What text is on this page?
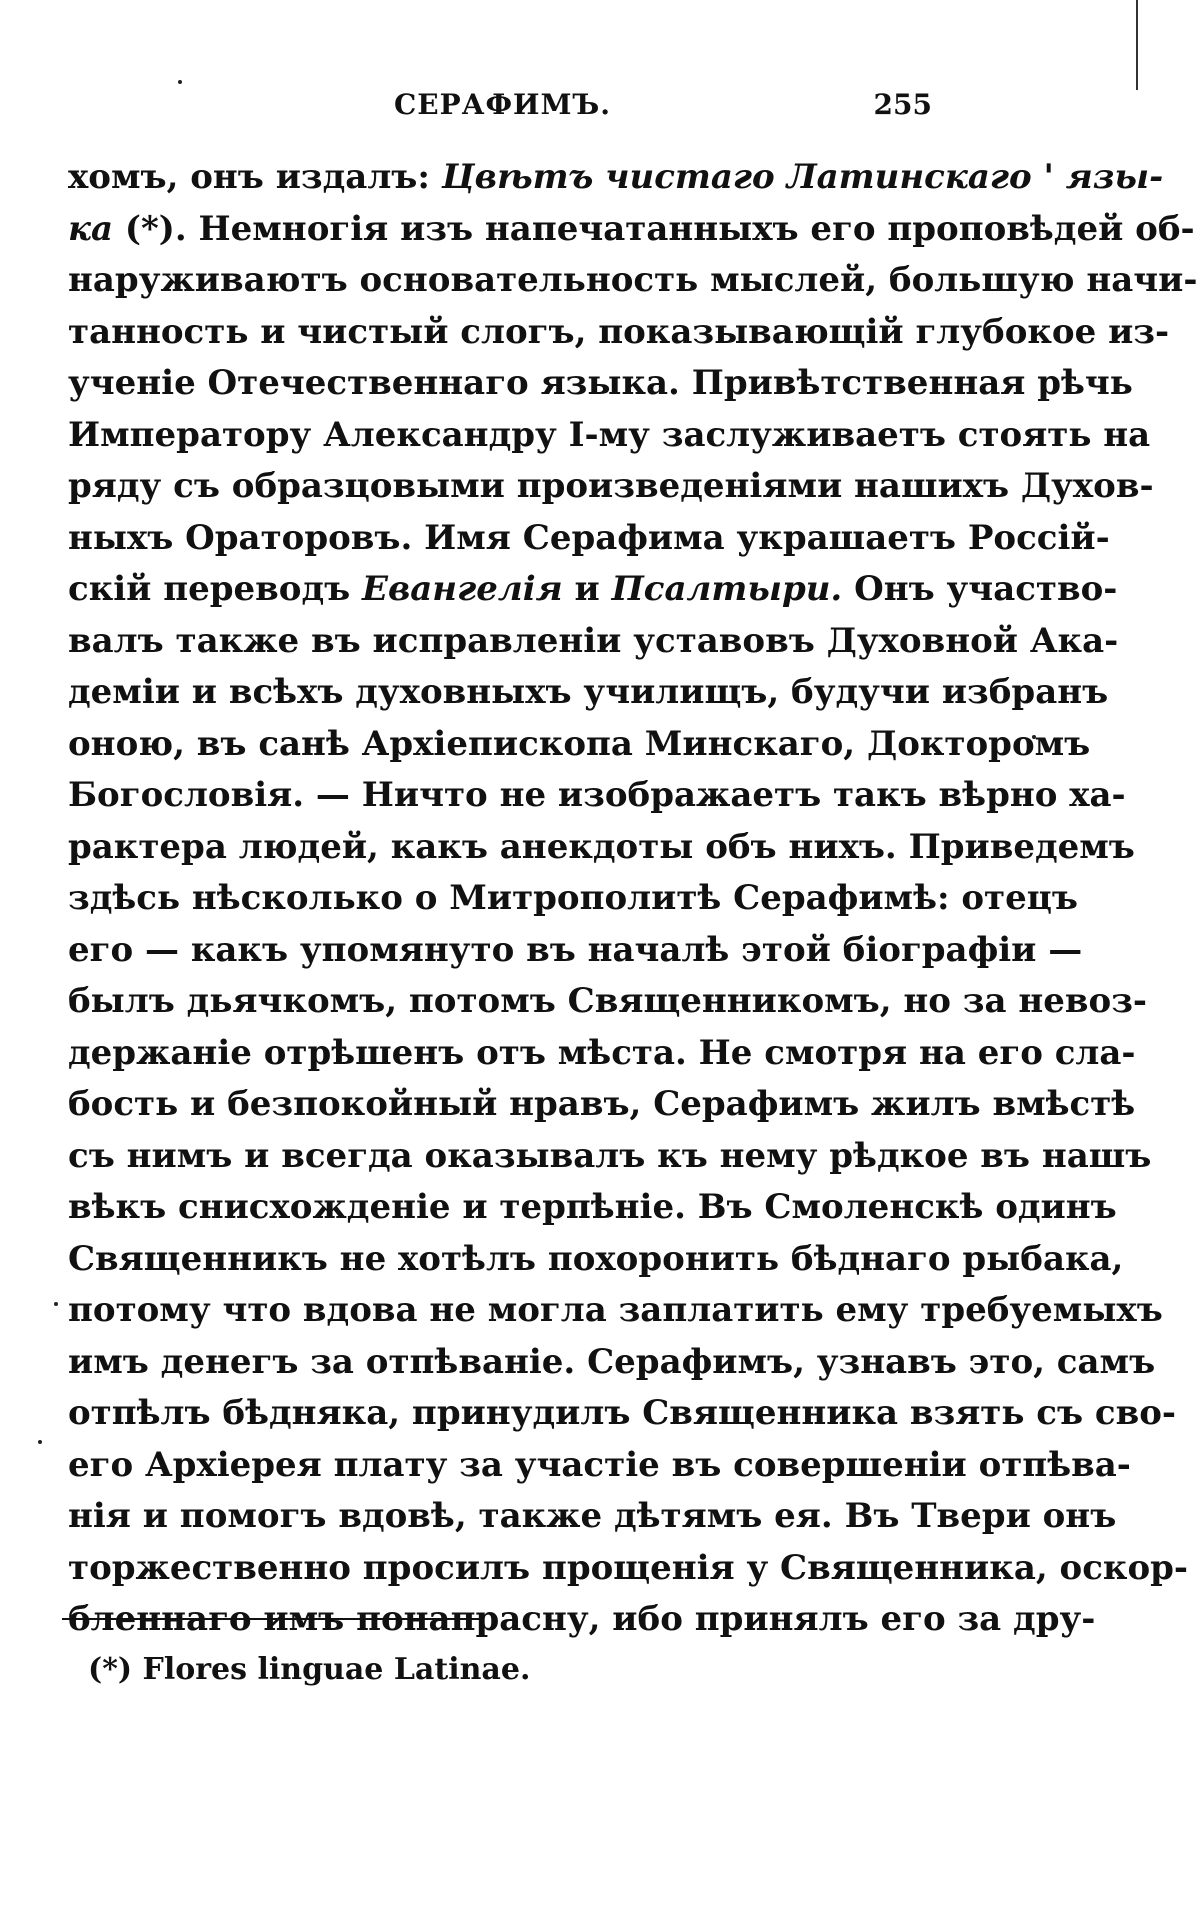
СЕРАФИМЪ.	255
хомъ, онъ издалъ: Цвѣтъ чистаго Латинскаго ' язы-
ка (*). Немногія изъ напечатанныхъ его проповѣдей об-
наруживаютъ основательность мыслей, большую начи-
танность и чистый слогъ, показывающій глубокое из-
ученіе Отечественнаго языка. Привѣтственная рѣчь
Императору Александру I-му заслуживаетъ стоять на
ряду съ образцовыми произведеніями нашихъ Духов-
ныхъ Ораторовъ. Имя Серафима украшаетъ Россій-
скій переводъ Евангелія и Псалтыри. Онъ участво-
валъ также въ исправленіи уставовъ Духовной Ака-
деміи и всѣхъ духовныхъ училищъ, будучи избранъ
оною, въ санѣ Архіепископа Минскаго, Докторомъ
Богословія. — Ничто не изображаетъ такъ вѣрно ха-
рактера людей, какъ анекдоты объ нихъ. Приведемъ
здѣсь нѣсколько о Митрополитѣ Серафимѣ: отецъ
его — какъ упомянуто въ началѣ этой біографіи —
былъ дьячкомъ, потомъ Священникомъ, но за невоз-
держаніе отрѣшенъ отъ мѣста. Не смотря на его сла-
бость и безпокойный нравъ, Серафимъ жилъ вмѣстѣ
съ нимъ и всегда оказывалъ къ нему рѣдкое въ нашъ
вѣкъ снисхожденіе и терпѣніе. Въ Смоленскѣ одинъ
Священникъ не хотѣлъ похоронить бѣднаго рыбака,
потому что вдова не могла заплатить ему требуемыхъ
имъ денегъ за отпѣваніе. Серафимъ, узнавъ это, самъ
отпѣлъ бѣдняка, принудилъ Священника взять съ сво-
его Архіерея плату за участіе въ совершеніи отпѣва-
нія и помогъ вдовѣ, также дѣтямъ ея. Въ Твери онъ
торжественно просилъ прощенія у Священника, оскор-
бленнаго имъ понапрасну, ибо принялъ его за дру-
(*) Flores linguae Latinae.
